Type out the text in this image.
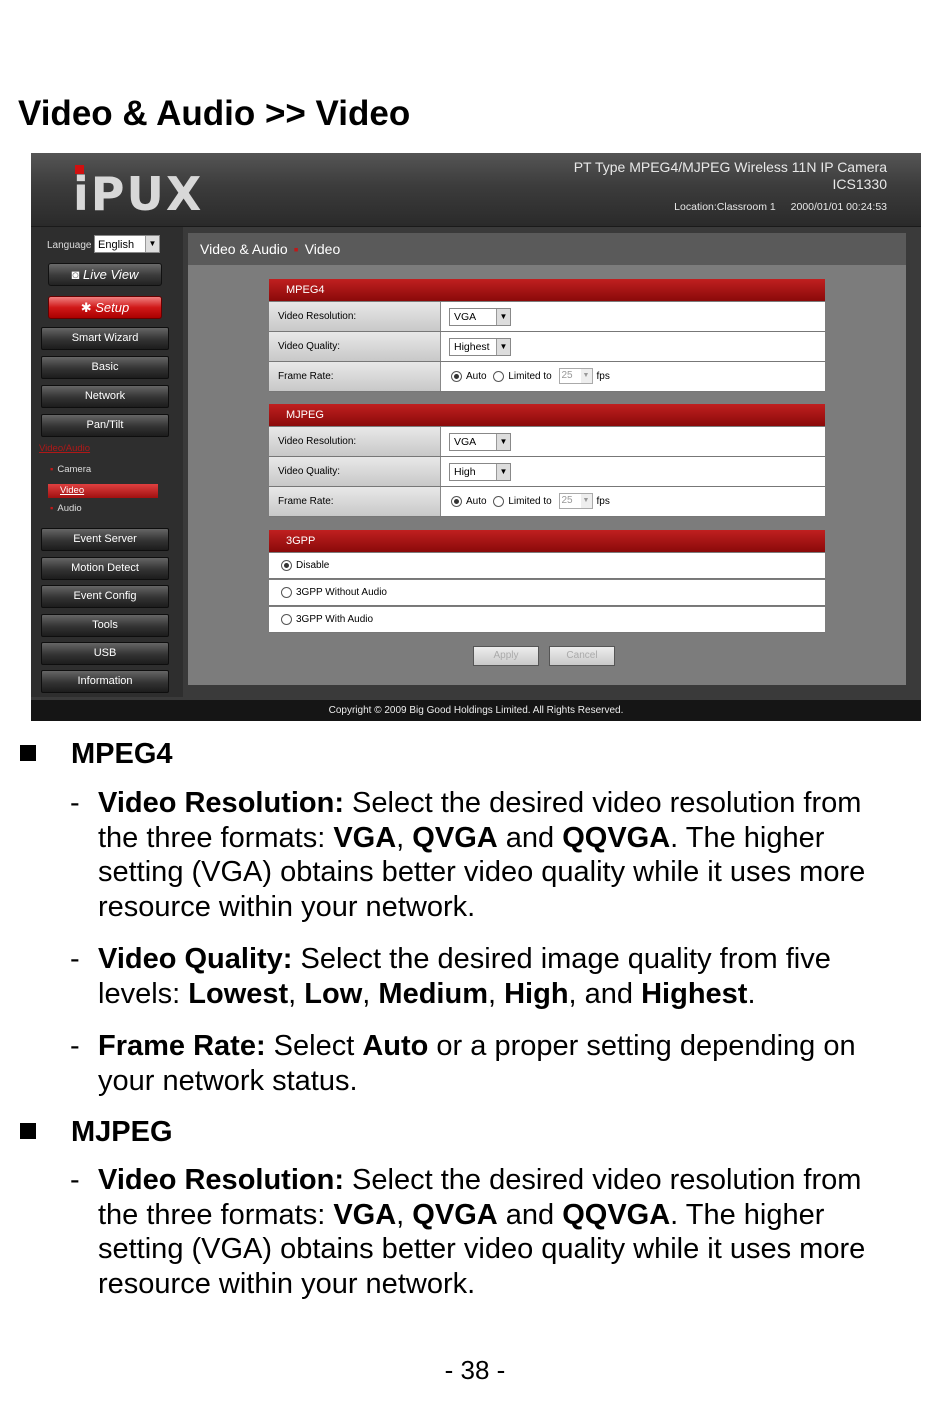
Video & Audio >> Video
iPUX	PT Type MPEG4/MJPEG Wireless 11N IP Camera
ICS1330
Location:Classroom 1 2000/01/01 00:24:53
Language English	▼
◙ Live View
✱ Setup
Smart Wizard
Basic
Network
Pan/Tilt
Video/Audio
▪ Camera
Video
▪ Audio
Event Server
Motion Detect
Event Config
Tools
USB
Information
Video & Audio ▪ Video
MPEG4
Video Resolution:	VGA	▼
Video Quality:	Highest	▼
Frame Rate:	Auto Limited to 25 ▼ fps
MJPEG
Video Resolution:	VGA	▼
Video Quality:	High	▼
Frame Rate:	Auto Limited to 25 ▼ fps
3GPP
Disable
3GPP Without Audio
3GPP With Audio
Apply	Cancel
Copyright © 2009 Big Good Holdings Limited. All Rights Reserved.
MPEG4
- Video Resolution: Select the desired video resolution from the three formats: VGA, QVGA and QQVGA. The higher setting (VGA) obtains better video quality while it uses more resource within your network.
- Video Quality: Select the desired image quality from five levels: Lowest, Low, Medium, High, and Highest.
- Frame Rate: Select Auto or a proper setting depending on your network status.
MJPEG
- Video Resolution: Select the desired video resolution from the three formats: VGA, QVGA and QQVGA. The higher setting (VGA) obtains better video quality while it uses more resource within your network.
- 38 -
